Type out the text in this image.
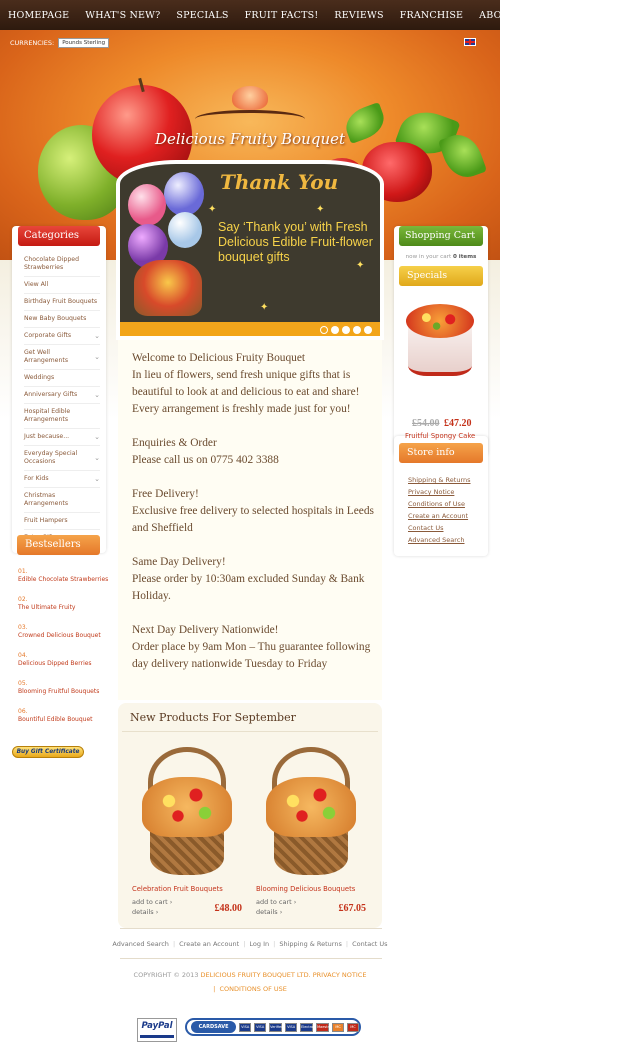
HOMEPAGE WHAT'S NEW? SPECIALS FRUIT FACTS! REVIEWS FRANCHISE ABOUT US CONTACT US
CURRENCIES:	Pounds Sterling
Delicious Fruity Bouquet
Thank You
✦	✦
✦
✦
Say ‘Thank you’ with Fresh Delicious Edible Fruit-flower bouquet gifts
Categories
Chocolate Dipped Strawberries
View All
Birthday Fruit Bouquets
New Baby Bouquets
Corporate Gifts	⌄
Get Well Arrangements	⌄
Weddings
Anniversary Gifts ⌄
Hospital Edible Arrangements
Just because...	⌄
Everyday Special Occasions	⌄
For Kids	⌄
Christmas Arrangements
Fruit Hampers
Bestsellers
01.
Edible Chocolate Strawberries
02.
The Ultimate Fruity
03.
Crowned Delicious Bouquet
04.
Delicious Dipped Berries
05.
Blooming Fruitful Bouquets
06.
Bountiful Edible Bouquet
Buy Gift Certificate

Welcome to Delicious Fruity Bouquet
In lieu of flowers, send fresh unique gifts that is beautiful to look at and delicious to eat and share! Every arrangement is freshly made just for you!

Enquiries & Order
Please call us on 0775 402 3388

Free Delivery!
Exclusive free delivery to selected hospitals in Leeds and Sheffield

Same Day Delivery!
Please order by 10:30am excluded Sunday & Bank Holiday.

Next Day Delivery Nationwide!
Order place by 9am Mon – Thu guarantee following day delivery nationwide Tuesday to Friday

New Products For September
Celebration Fruit Bouquets
add to cart ›
details ›	£48.00
Blooming Delicious Bouquets
add to cart ›
details ›	£67.05
Shopping Cart
now in your cart 0 items
Specials
Fruitful Spongy Cake
£54.00 £47.20
Store info
Shipping & Returns
Privacy Notice
Conditions of Use
Create an Account
Contact Us
Advanced Search
Advanced Search | Create an Account | Log In | Shipping & Returns | Contact Us
COPYRIGHT © 2013 DELICIOUS FRUITY BOUQUET LTD. PRIVACY NOTICE
| CONDITIONS OF USE
PayPal	CARDSAVE	VISA	VISA	Verified	VISA	Electron Maestro	MC	MC
